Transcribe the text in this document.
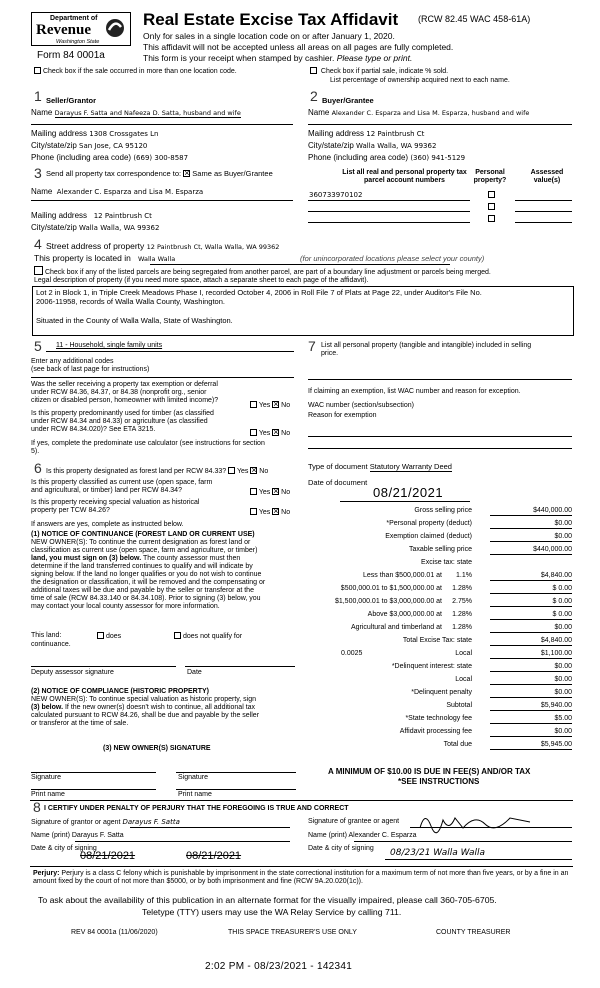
Department of
Revenue
Washington State
Form 84 0001a
Real Estate Excise Tax Affidavit (RCW 82.45 WAC 458-61A)
Only for sales in a single location code on or after January 1, 2020.
This affidavit will not be accepted unless all areas on all pages are fully completed.
This form is your receipt when stamped by cashier. Please type or print.
Check box if the sale occurred in more than one location code.	Check box if partial sale, indicate % sold.
List percentage of ownership acquired next to each name.
1 Seller/Grantor
Name Darayus F. Satta and Nafeeza D. Satta, husband and wife
Mailing address 1308 Crossgates Ln
City/state/zip San Jose, CA 95120
Phone (including area code) (669) 300-8587
2 Buyer/Grantee
Name Alexander C. Esparza and Lisa M. Esparza, husband and wife
Mailing address 12 Paintbrush Ct
City/state/zip Walla Walla, WA 99362
Phone (including area code) (360) 941-5129
3 Send all property tax correspondence to: × Same as Buyer/Grantee
Name Alexander C. Esparza and Lisa M. Esparza
Mailing address 12 Paintbrush Ct
City/state/zip Walla Walla, WA 99362
List all real and personal property tax
parcel account numbers
Personal
property?
Assessed
value(s)
360733970102
4 Street address of property 12 Paintbrush Ct, Walla Walla, WA 99362
This property is located in Walla Walla	(for unincorporated locations please select your county)
Check box if any of the listed parcels are being segregated from another parcel, are part of a boundary line adjustment or parcels being merged.
Legal description of property (if you need more space, attach a separate sheet to each page of the affidavit).
Lot 2 in Block 1, in Triple Creek Meadows Phase I, recorded October 4, 2006 in Roll File 7 of Plats at Page 22, under Auditor's File No.
2006-11958, records of Walla Walla County, Washington.
Situated in the County of Walla Walla, State of Washington.
5 11 - Household, single family units
Enter any additional codes
(see back of last page for instructions)
Was the seller receiving a property tax exemption or deferral
under RCW 84.36, 84.37, or 84.38 (nonprofit org., senior
citizen or disabled person, homeowner with limited income)?
Yes × No
Is this property predominantly used for timber (as classified
under RCW 84.34 and 84.33) or agriculture (as classified
under RCW 84.34.020)? See ETA 3215.
Yes × No
If yes, complete the predominate use calculator (see instructions for section
5).
7 List all personal property (tangible and intangible) included in selling
price.
If claiming an exemption, list WAC number and reason for exception.
WAC number (section/subsection)
Reason for exemption
6 Is this property designated as forest land per RCW 84.33? Yes × No
Is this property classified as current use (open space, farm
and agricultural, or timber) land per RCW 84.34?	Yes × No
Is this property receiving special valuation as historical
property per TCW 84.26?	Yes × No
If answers are yes, complete as instructed below.
(1) NOTICE OF CONTINUANCE (FOREST LAND OR CURRENT USE)
NEW OWNER(S): To continue the current designation as forest land or
classification as current use (open space, farm and agriculture, or timber)
land, you must sign on (3) below. The county assessor must then
determine if the land transferred continues to qualify and will indicate by
signing below. If the land no longer qualifies or you do not wish to continue
the designation or classification, it will be removed and the compensating or
additional taxes will be due and payable by the seller or transferor at the
time of sale (RCW 84.33.140 or 84.34.108). Prior to signing (3) below, you
may contact your local county assessor for more information.
This land:	does	does not qualify for
continuance.
Deputy assessor signature	Date
(2) NOTICE OF COMPLIANCE (HISTORIC PROPERTY)
NEW OWNER(S): To continue special valuation as historic property, sign
(3) below. If the new owner(s) doesn't wish to continue, all additional tax
calculated pursuant to RCW 84.26, shall be due and payable by the seller
or transferor at the time of sale.
(3) NEW OWNER(S) SIGNATURE
Signature	Signature
Print name	Print name
Type of document Statutory Warranty Deed
Date of document
08/21/2021
Gross selling price	$440,000.00
*Personal property (deduct)	$0.00
Exemption claimed (deduct)	$0.00
Taxable selling price	$440,000.00
Excise tax: state
Less than $500,000.01 at 1.1%	$4,840.00
$500,000.01 to $1,500,000.00 at 1.28%	$ 0.00
$1,500,000.01 to $3,000,000.00 at 2.75%	$ 0.00
Above $3,000,000.00 at 1.28%	$ 0.00
Agricultural and timberland at 1.28%	$0.00
Total Excise Tax: state	$4,840.00
0.0025	Local	$1,100.00
*Delinquent interest: state	$0.00
Local	$0.00
*Delinquent penalty	$0.00
Subtotal	$5,940.00
*State technology fee	$5.00
Affidavit processing fee	$0.00
Total due	$5,945.00
A MINIMUM OF $10.00 IS DUE IN FEE(S) AND/OR TAX
*SEE INSTRUCTIONS
8 I CERTIFY UNDER PENALTY OF PERJURY THAT THE FOREGOING IS TRUE AND CORRECT
Signature of grantor or agent Darayus F. Satta
Name (print) Darayus F. Satta
Date & city of signing
08/21/2021	08/21/2021
Signature of grantee or agent
Name (print) Alexander C. Esparza
Date & city of signing 08/23/21 Walla Walla
Perjury: Perjury is a class C felony which is punishable by imprisonment in the state correctional institution for a maximum term of not more than five years, or by a fine in an amount fixed by the court of not more than $5000, or by both imprisonment and fine (RCW 9A.20.020(1c)).
To ask about the availability of this publication in an alternate format for the visually impaired, please call 360-705-6705.
Teletype (TTY) users may use the WA Relay Service by calling 711.
REV 84 0001a (11/06/2020)	THIS SPACE TREASURER'S USE ONLY	COUNTY TREASURER
2:02 PM - 08/23/2021 - 142341
